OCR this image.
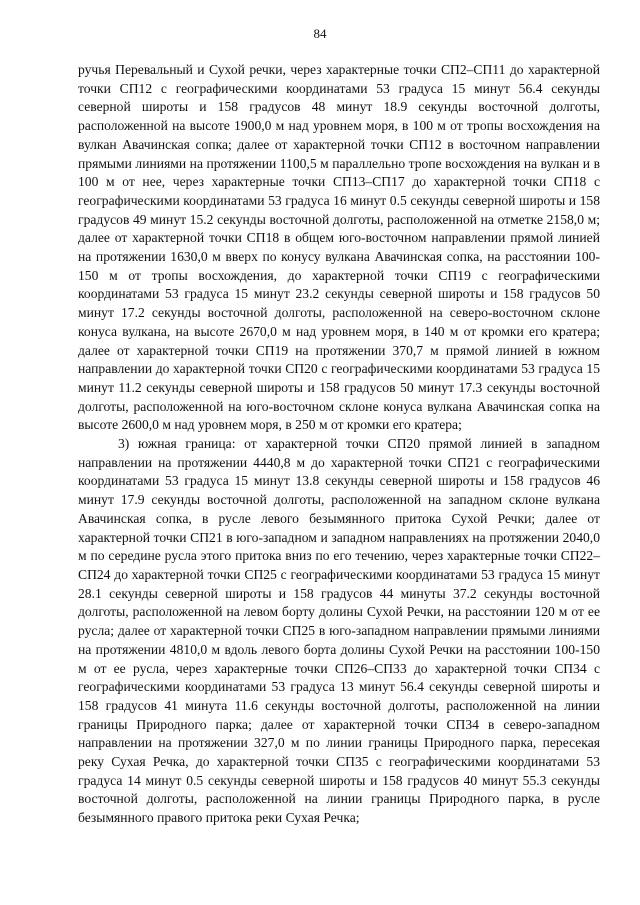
84

ручья Перевальный и Сухой речки, через характерные точки СП2–СП11 до характерной точки СП12 с географическими координатами 53 градуса 15 минут 56.4 секунды северной широты и 158 градусов 48 минут 18.9 секунды восточной долготы, расположенной на высоте 1900,0 м над уровнем моря, в 100 м от тропы восхождения на вулкан Авачинская сопка; далее от характерной точки СП12 в восточном направлении прямыми линиями на протяжении 1100,5 м параллельно тропе восхождения на вулкан и в 100 м от нее, через характерные точки СП13–СП17 до характерной точки СП18 с географическими координатами 53 градуса 16 минут 0.5 секунды северной широты и 158 градусов 49 минут 15.2 секунды восточной долготы, расположенной на отметке 2158,0 м; далее от характерной точки СП18 в общем юго-восточном направлении прямой линией на протяжении 1630,0 м вверх по конусу вулкана Авачинская сопка, на расстоянии 100-150 м от тропы восхождения, до характерной точки СП19 с географическими координатами 53 градуса 15 минут 23.2 секунды северной широты и 158 градусов 50 минут 17.2 секунды восточной долготы, расположенной на северо-восточном склоне конуса вулкана, на высоте 2670,0 м над уровнем моря, в 140 м от кромки его кратера; далее от характерной точки СП19 на протяжении 370,7 м прямой линией в южном направлении до характерной точки СП20 с географическими координатами 53 градуса 15 минут 11.2 секунды северной широты и 158 градусов 50 минут 17.3 секунды восточной долготы, расположенной на юго-восточном склоне конуса вулкана Авачинская сопка на высоте 2600,0 м над уровнем моря, в 250 м от кромки его кратера;

3) южная граница: от характерной точки СП20 прямой линией в западном направлении на протяжении 4440,8 м до характерной точки СП21 с географическими координатами 53 градуса 15 минут 13.8 секунды северной широты и 158 градусов 46 минут 17.9 секунды восточной долготы, расположенной на западном склоне вулкана Авачинская сопка, в русле левого безымянного притока Сухой Речки; далее от характерной точки СП21 в юго-западном и западном направлениях на протяжении 2040,0 м по середине русла этого притока вниз по его течению, через характерные точки СП22–СП24 до характерной точки СП25 с географическими координатами 53 градуса 15 минут 28.1 секунды северной широты и 158 градусов 44 минуты 37.2 секунды восточной долготы, расположенной на левом борту долины Сухой Речки, на расстоянии 120 м от ее русла; далее от характерной точки СП25 в юго-западном направлении прямыми линиями на протяжении 4810,0 м вдоль левого борта долины Сухой Речки на расстоянии 100-150 м от ее русла, через характерные точки СП26–СП33 до характерной точки СП34 с географическими координатами 53 градуса 13 минут 56.4 секунды северной широты и 158 градусов 41 минута 11.6 секунды восточной долготы, расположенной на линии границы Природного парка; далее от характерной точки СП34 в северо-западном направлении на протяжении 327,0 м по линии границы Природного парка, пересекая реку Сухая Речка, до характерной точки СП35 с географическими координатами 53 градуса 14 минут 0.5 секунды северной широты и 158 градусов 40 минут 55.3 секунды восточной долготы, расположенной на линии границы Природного парка, в русле безымянного правого притока реки Сухая Речка;
